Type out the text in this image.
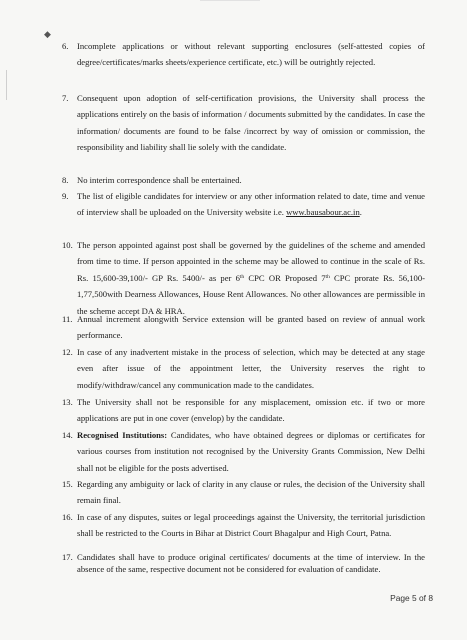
◆
6. Incomplete applications or without relevant supporting enclosures (self-attested copies of degree/certificates/marks sheets/experience certificate, etc.) will be outrightly rejected.
7. Consequent upon adoption of self-certification provisions, the University shall process the applications entirely on the basis of information / documents submitted by the candidates. In case the information/ documents are found to be false /incorrect by way of omission or commission, the responsibility and liability shall lie solely with the candidate.
8. No interim correspondence shall be entertained.
9. The list of eligible candidates for interview or any other information related to date, time and venue of interview shall be uploaded on the University website i.e. www.bausabour.ac.in.
10. The person appointed against post shall be governed by the guidelines of the scheme and amended from time to time. If person appointed in the scheme may be allowed to continue in the scale of Rs. Rs. 15,600-39,100/- GP Rs. 5400/- as per 6th CPC OR Proposed 7th CPC prorate Rs. 56,100-1,77,500with Dearness Allowances, House Rent Allowances. No other allowances are permissible in the scheme accept DA & HRA.
11. Annual increment alongwith Service extension will be granted based on review of annual work performance.
12. In case of any inadvertent mistake in the process of selection, which may be detected at any stage even after issue of the appointment letter, the University reserves the right to modify/withdraw/cancel any communication made to the candidates.
13. The University shall not be responsible for any misplacement, omission etc. if two or more applications are put in one cover (envelop) by the candidate.
14. Recognised Institutions: Candidates, who have obtained degrees or diplomas or certificates for various courses from institution not recognised by the University Grants Commission, New Delhi shall not be eligible for the posts advertised.
15. Regarding any ambiguity or lack of clarity in any clause or rules, the decision of the University shall remain final.
16. In case of any disputes, suites or legal proceedings against the University, the territorial jurisdiction shall be restricted to the Courts in Bihar at District Court Bhagalpur and High Court, Patna.
17. Candidates shall have to produce original certificates/ documents at the time of interview. In the absence of the same, respective document not be considered for evaluation of candidate.
Page 5 of 8
